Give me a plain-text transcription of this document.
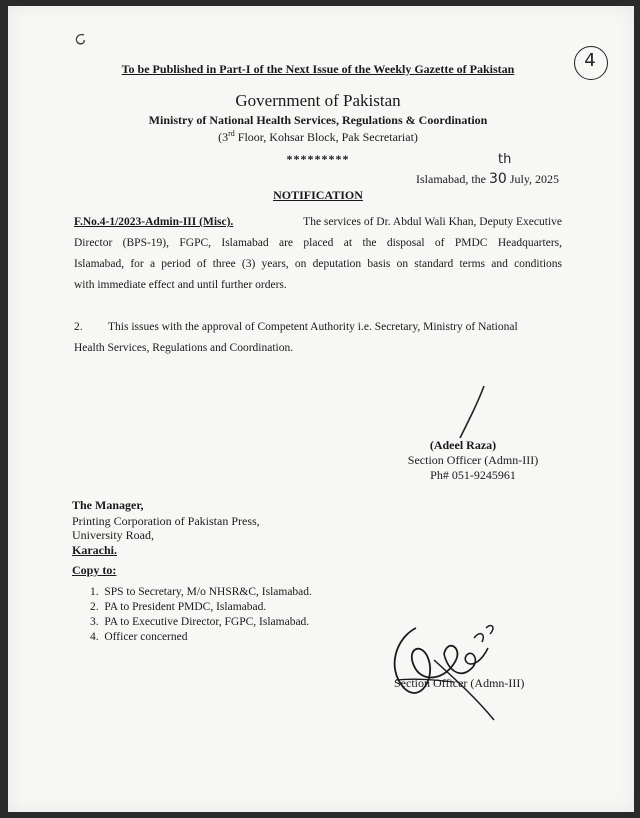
4
To be Published in Part-I of the Next Issue of the Weekly Gazette of Pakistan
Government of Pakistan
Ministry of National Health Services, Regulations & Coordination
(3rd Floor, Kohsar Block, Pak Secretariat)
*********
Islamabad, the 30 July, 2025
th
NOTIFICATION
F.No.4-1/2023-Admin-III (Misc).	The services of Dr. Abdul Wali Khan, Deputy Executive
Director (BPS-19), FGPC, Islamabad are placed at the disposal of PMDC Headquarters,
Islamabad, for a period of three (3) years, on deputation basis on standard terms and conditions
with immediate effect and until further orders.
2. This issues with the approval of Competent Authority i.e. Secretary, Ministry of National
Health Services, Regulations and Coordination.
(Adeel Raza)
Section Officer (Admn-III)
Ph# 051-9245961
The Manager,
Printing Corporation of Pakistan Press,
University Road,
Karachi.
Copy to:
1.  SPS to Secretary, M/o NHSR&C, Islamabad.
2.  PA to President PMDC, Islamabad.
3.  PA to Executive Director, FGPC, Islamabad.
4.  Officer concerned
Section Officer (Admn-III)
